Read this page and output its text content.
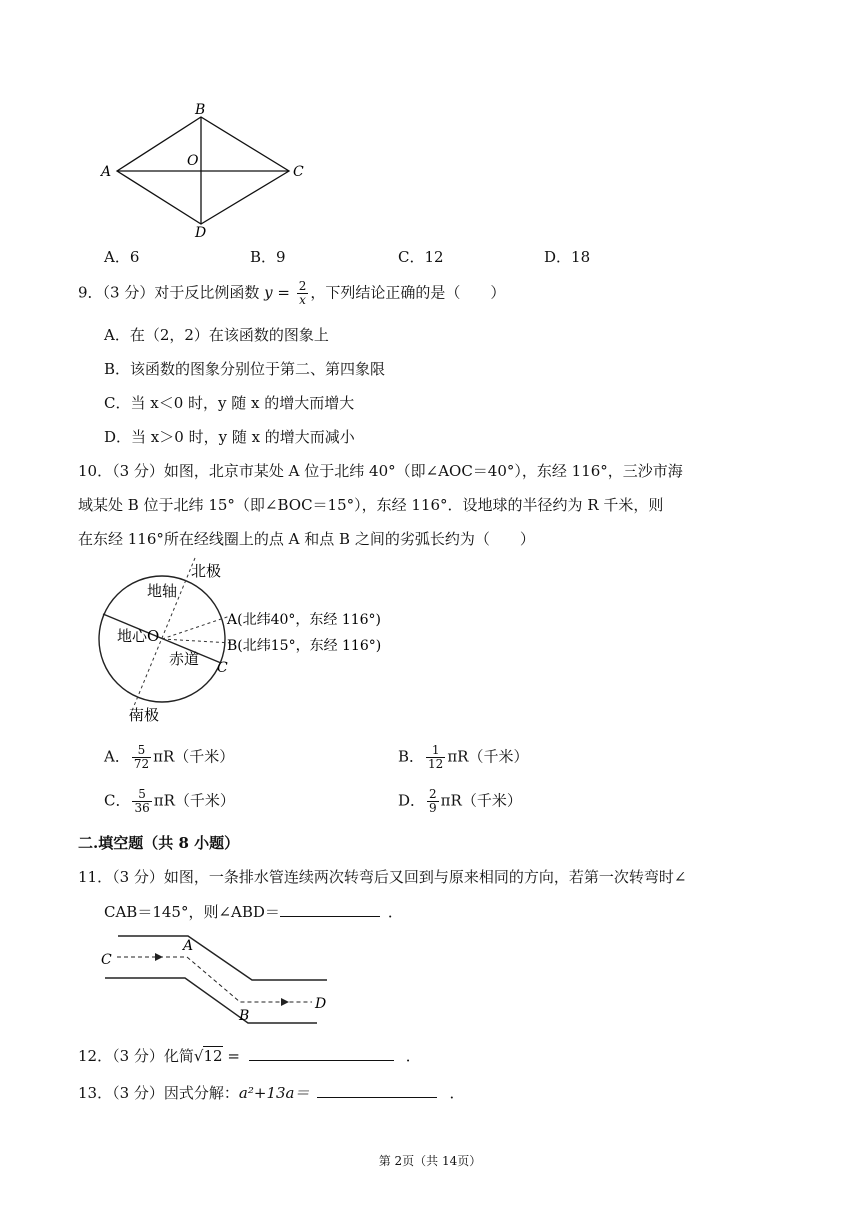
A
B
C
D
O
A．6	B．9	C．12	D．18
9．（3 分）对于反比例函数 $y = \frac{2}{x}$ ，下列结论正确的是（　　）
A．在（2，2）在该函数的图象上
B．该函数的图象分别位于第二、第四象限
C．当 x＜0 时，y 随 x 的增大而增大
D．当 x＞0 时，y 随 x 的增大而减小
10．（3 分）如图，北京市某处 A 位于北纬 40°（即∠AOC＝40°），东经 116°，三沙市海
域某处 B 位于北纬 15°（即∠BOC＝15°），东经 116°．设地球的半径约为 R 千米，则
在东经 116°所在经线圈上的点 A 和点 B 之间的劣弧长约为（　　）
北极
地轴
地心O
赤道
A(北纬40°，东经 116°)
B(北纬15°，东经 116°)
C
南极
A． $\frac{5}{72} \pi R$（千米）	B． $\frac{1}{12} \pi R$（千米）
C． $\frac{5}{36} \pi R$（千米）	D． $\frac{2}{9} \pi R$（千米）
二.填空题（共 8 小题）
11．（3 分）如图，一条排水管连续两次转弯后又回到与原来相同的方向，若第一次转弯时∠
CAB＝145°，则∠ABD＝	．
C
A
B
D
12．（3 分）化简√12 =	．
13．（3 分）因式分解：a²+13a＝	．
第 2页（共 14页）
